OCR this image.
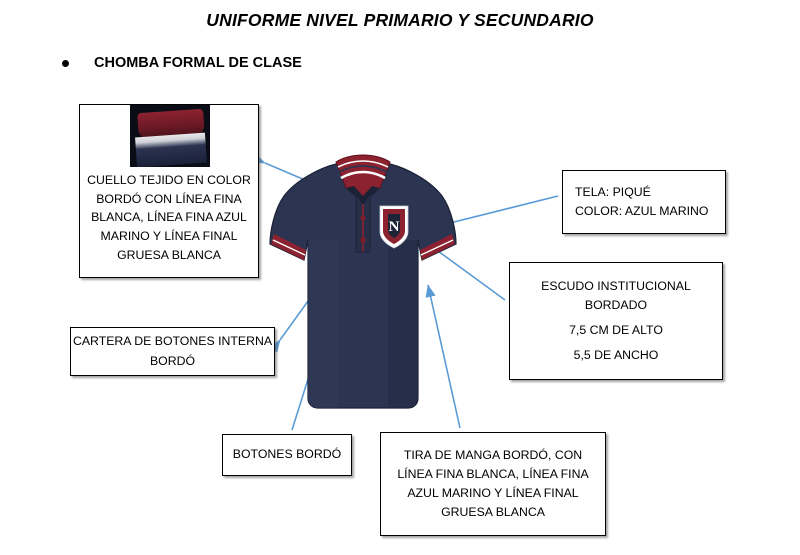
UNIFORME NIVEL PRIMARIO Y SECUNDARIO
CHOMBA FORMAL DE CLASE
N
CUELLO TEJIDO EN COLOR
BORDÓ CON LÍNEA FINA
BLANCA, LÍNEA FINA AZUL
MARINO Y LÍNEA FINAL
GRUESA BLANCA
CARTERA DE BOTONES INTERNA
BORDÓ
TELA: PIQUÉ
COLOR: AZUL MARINO
ESCUDO INSTITUCIONAL
BORDADO
7,5 CM DE ALTO
5,5 DE ANCHO
BOTONES BORDÓ	TIRA DE MANGA BORDÓ, CON
LÍNEA FINA BLANCA, LÍNEA FINA
AZUL MARINO Y LÍNEA FINAL
GRUESA BLANCA
